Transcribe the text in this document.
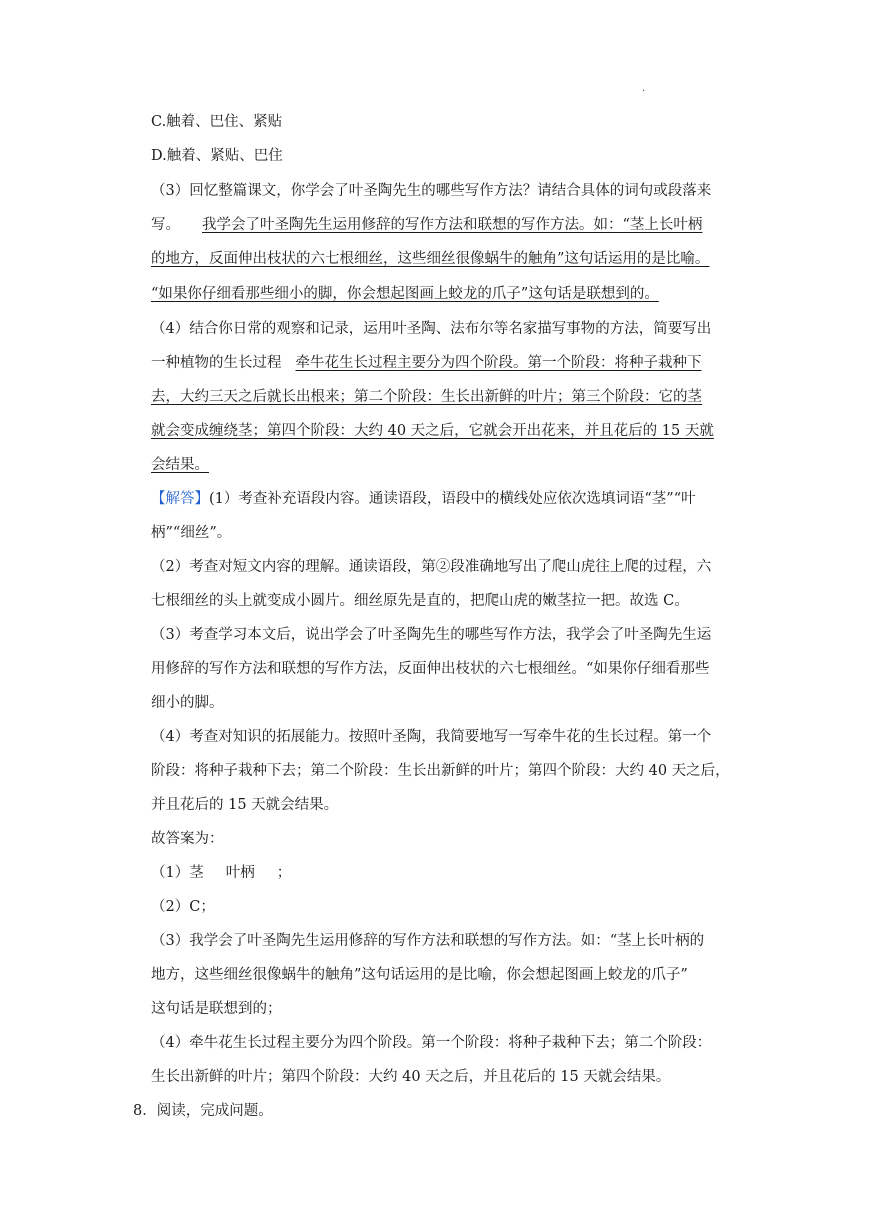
.
C.触着、巴住、紧贴
D.触着、紧贴、巴住
（3）回忆整篇课文，你学会了叶圣陶先生的哪些写作方法？请结合具体的词句或段落来
写。 我学会了叶圣陶先生运用修辞的写作方法和联想的写作方法。如：“茎上长叶柄
的地方，反面伸出枝状的六七根细丝，这些细丝很像蜗牛的触角”这句话运用的是比喻。
“如果你仔细看那些细小的脚，你会想起图画上蛟龙的爪子”这句话是联想到的。
（4）结合你日常的观察和记录，运用叶圣陶、法布尔等名家描写事物的方法，简要写出
一种植物的生长过程 牵牛花生长过程主要分为四个阶段。第一个阶段：将种子栽种下
去，大约三天之后就长出根来；第二个阶段：生长出新鲜的叶片；第三个阶段：它的茎
就会变成缠绕茎；第四个阶段：大约 40 天之后，它就会开出花来，并且花后的 15 天就
会结果。
【解答】(1）考查补充语段内容。通读语段，语段中的横线处应依次选填词语“茎”“叶
柄”“细丝”。
（2）考查对短文内容的理解。通读语段，第②段准确地写出了爬山虎往上爬的过程，六
七根细丝的头上就变成小圆片。细丝原先是直的，把爬山虎的嫩茎拉一把。故选 C。
（3）考查学习本文后，说出学会了叶圣陶先生的哪些写作方法，我学会了叶圣陶先生运
用修辞的写作方法和联想的写作方法，反面伸出枝状的六七根细丝。“如果你仔细看那些
细小的脚。
（4）考查对知识的拓展能力。按照叶圣陶，我简要地写一写牵牛花的生长过程。第一个
阶段：将种子栽种下去；第二个阶段：生长出新鲜的叶片；第四个阶段：大约 40 天之后，
并且花后的 15 天就会结果。
故答案为：
（1）茎 叶柄 ；
（2）C；
（3）我学会了叶圣陶先生运用修辞的写作方法和联想的写作方法。如：“茎上长叶柄的
地方，这些细丝很像蜗牛的触角”这句话运用的是比喻，你会想起图画上蛟龙的爪子”
这句话是联想到的；
（4）牵牛花生长过程主要分为四个阶段。第一个阶段：将种子栽种下去；第二个阶段：
生长出新鲜的叶片；第四个阶段：大约 40 天之后，并且花后的 15 天就会结果。
8．阅读，完成问题。
